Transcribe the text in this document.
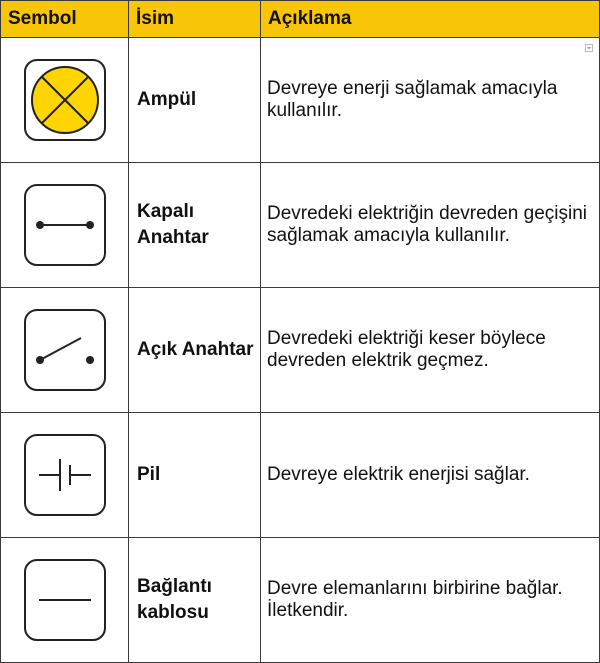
Sembol	İsim	Açıklama

	Ampül	Devreye enerji sağlamak amacıyla kullanılır.

	Kapalı Anahtar	Devredeki elektriğin devreden geçişini sağlamak amacıyla kullanılır.

	Açık Anahtar	Devredeki elektriği keser böylece devreden elektrik geçmez.

	Pil	Devreye elektrik enerjisi sağlar.

	Bağlantı kablosu	Devre elemanlarını birbirine bağlar. İletkendir.
